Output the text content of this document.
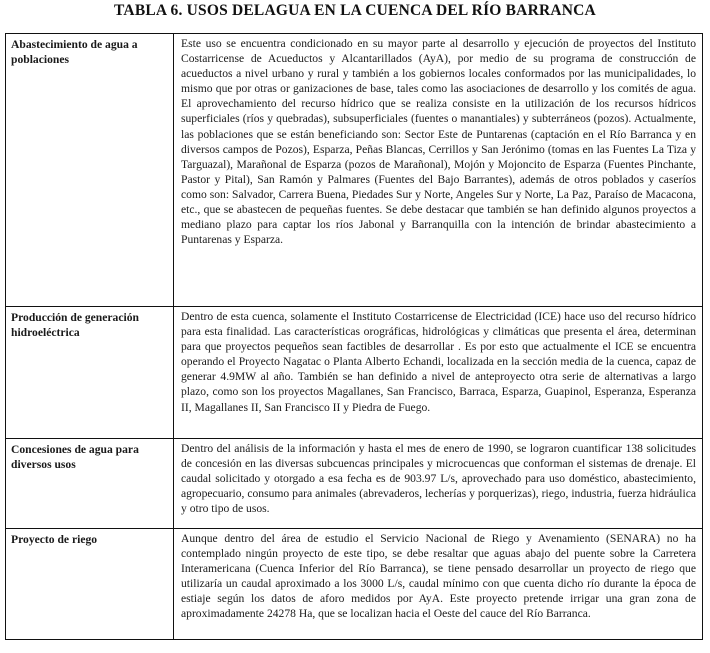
TABLA 6. USOS DELAGUA EN LA CUENCA DEL RÍO BARRANCA
Abastecimiento de agua a poblaciones	Este uso se encuentra condicionado en su mayor parte al desarrollo y ejecución de proyectos del Instituto Costarricense de Acueductos y Alcantarillados (AyA), por medio de su programa de construcción de acueductos a nivel urbano y rural y también a los gobiernos locales conformados por las municipalidades, lo mismo que por otras or ganizaciones de base, tales como las asociaciones de desarrollo y los comités de agua. El aprovechamiento del recurso hídrico que se realiza consiste en la utilización de los recursos hídricos superficiales (ríos y quebradas), subsuperficiales (fuentes o manantiales) y subterráneos (pozos). Actualmente, las poblaciones que se están beneficiando son: Sector Este de Puntarenas (captación en el Río Barranca y en diversos campos de Pozos), Esparza, Peñas Blancas, Cerrillos y San Jerónimo (tomas en las Fuentes La Tiza y Targuazal), Marañonal de Esparza (pozos de Marañonal), Mojón y Mojoncito de Esparza (Fuentes Pinchante, Pastor y Pital), San Ramón y Palmares (Fuentes del Bajo Barrantes), además de otros poblados y caseríos como son: Salvador, Carrera Buena, Piedades Sur y Norte, Angeles Sur y Norte, La Paz, Paraíso de Macacona, etc., que se abastecen de pequeñas fuentes. Se debe destacar que también se han definido algunos proyectos a mediano plazo para captar los ríos Jabonal y Barranquilla con la intención de brindar abastecimiento a Puntarenas y Esparza.
Producción de generación hidroeléctrica	Dentro de esta cuenca, solamente el Instituto Costarricense de Electricidad (ICE) hace uso del recurso hídrico para esta finalidad. Las características orográficas, hidrológicas y climáticas que presenta el área, determinan para que proyectos pequeños sean factibles de desarrollar . Es por esto que actualmente el ICE se encuentra operando el Proyecto Nagatac o Planta Alberto Echandi, localizada en la sección media de la cuenca, capaz de generar 4.9MW al año. También se han definido a nivel de anteproyecto otra serie de alternativas a largo plazo, como son los proyectos Magallanes, San Francisco, Barraca, Esparza, Guapinol, Esperanza, Esperanza II, Magallanes II, San Francisco II y Piedra de Fuego.
Concesiones de agua para diversos usos	Dentro del análisis de la información y hasta el mes de enero de 1990, se lograron cuantificar 138 solicitudes de concesión en las diversas subcuencas principales y microcuencas que conforman el sistemas de drenaje. El caudal solicitado y otorgado a esa fecha es de 903.97 L/s, aprovechado para uso doméstico, abastecimiento, agropecuario, consumo para animales (abrevaderos, lecherías y porquerizas), riego, industria, fuerza hidráulica y otro tipo de usos.
Proyecto de riego	Aunque dentro del área de estudio el Servicio Nacional de Riego y Avenamiento (SENARA) no ha contemplado ningún proyecto de este tipo, se debe resaltar que aguas abajo del puente sobre la Carretera Interamericana (Cuenca Inferior del Río Barranca), se tiene pensado desarrollar un proyecto de riego que utilizaría un caudal aproximado a los 3000 L/s, caudal mínimo con que cuenta dicho río durante la época de estiaje según los datos de aforo medidos por AyA. Este proyecto pretende irrigar una gran zona de aproximadamente 24278 Ha, que se localizan hacia el Oeste del cauce del Río Barranca.
